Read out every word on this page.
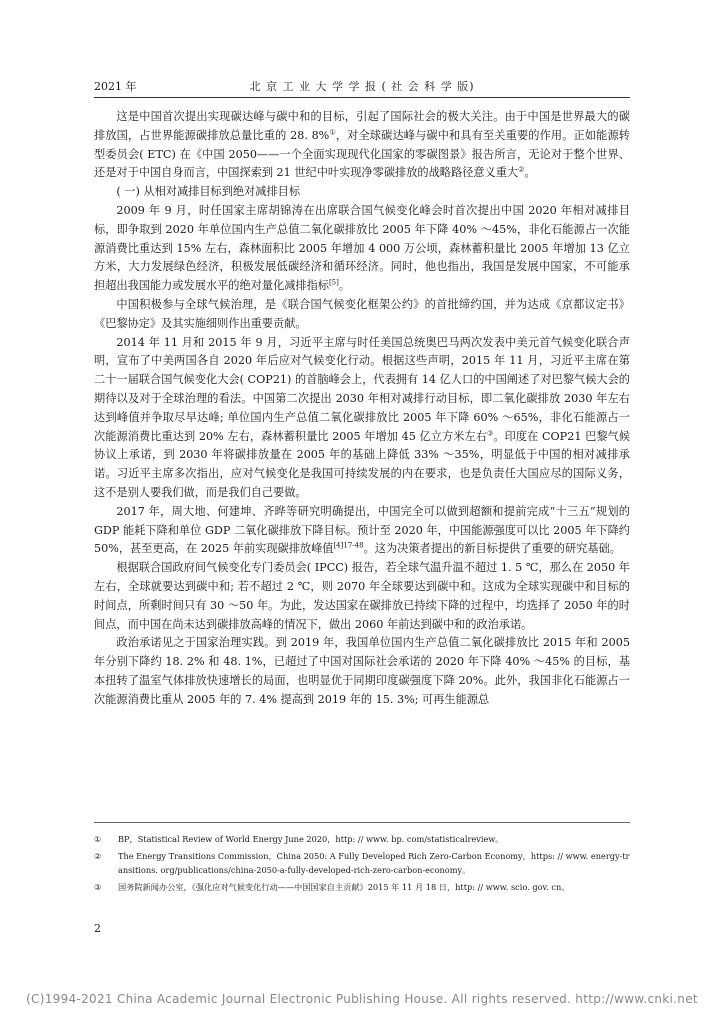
2021 年	北 京 工 业 大 学 学 报 ( 社 会 科 学 版)

这是中国首次提出实现碳达峰与碳中和的目标，引起了国际社会的极大关注。由于中国是世界最大的碳排放国，占世界能源碳排放总量比重的 28. 8%①，对全球碳达峰与碳中和具有至关重要的作用。正如能源转型委员会( ETC) 在《中国 2050——一个全面实现现代化国家的零碳图景》报告所言，无论对于整个世界、还是对于中国自身而言，中国探索到 21 世纪中叶实现净零碳排放的战略路径意义重大②。

( 一) 从相对减排目标到绝对减排目标

2009 年 9 月，时任国家主席胡锦涛在出席联合国气候变化峰会时首次提出中国 2020 年相对减排目标，即争取到 2020 年单位国内生产总值二氧化碳排放比 2005 年下降 40% ～45%，非化石能源占一次能源消费比重达到 15% 左右，森林面积比 2005 年增加 4 000 万公顷，森林蓄积量比 2005 年增加 13 亿立方米，大力发展绿色经济，积极发展低碳经济和循环经济。同时，他也指出，我国是发展中国家，不可能承担超出我国能力或发展水平的绝对量化减排指标[5]。

中国积极参与全球气候治理，是《联合国气候变化框架公约》的首批缔约国，并为达成《京都议定书》《巴黎协定》及其实施细则作出重要贡献。

2014 年 11 月和 2015 年 9 月，习近平主席与时任美国总统奥巴马两次发表中美元首气候变化联合声明，宣布了中美两国各自 2020 年后应对气候变化行动。根据这些声明，2015 年 11 月，习近平主席在第二十一届联合国气候变化大会( COP21) 的首脑峰会上，代表拥有 14 亿人口的中国阐述了对巴黎气候大会的期待以及对于全球治理的看法。中国第二次提出 2030 年相对减排行动目标，即二氧化碳排放 2030 年左右达到峰值并争取尽早达峰; 单位国内生产总值二氧化碳排放比 2005 年下降 60% ～65%，非化石能源占一次能源消费比重达到 20% 左右，森林蓄积量比 2005 年增加 45 亿立方米左右③。印度在 COP21 巴黎气候协议上承诺，到 2030 年将碳排放量在 2005 年的基础上降低 33% ～35%，明显低于中国的相对减排承诺。习近平主席多次指出，应对气候变化是我国可持续发展的内在要求，也是负责任大国应尽的国际义务，这不是别人要我们做，而是我们自己要做。

2017 年，周大地、何建坤、齐晔等研究明确提出，中国完全可以做到超额和提前完成“十三五”规划的 GDP 能耗下降和单位 GDP 二氧化碳排放下降目标。预计至 2020 年，中国能源强度可以比 2005 年下降约 50%，甚至更高，在 2025 年前实现碳排放峰值$^{[4]17-48}$。这为决策者提出的新目标提供了重要的研究基础。

根据联合国政府间气候变化专门委员会( IPCC) 报告，若全球气温升温不超过 1. 5 ℃，那么在 2050 年左右，全球就要达到碳中和; 若不超过 2 ℃，则 2070 年全球要达到碳中和。这成为全球实现碳中和目标的时间点，所剩时间只有 30 ～50 年。为此，发达国家在碳排放已持续下降的过程中，均选择了 2050 年的时间点，而中国在尚未达到碳排放高峰的情况下，做出 2060 年前达到碳中和的政治承诺。

政治承诺见之于国家治理实践。到 2019 年，我国单位国内生产总值二氧化碳排放比 2015 年和 2005 年分别下降约 18. 2% 和 48. 1%，已超过了中国对国际社会承诺的 2020 年下降 40% ～45% 的目标，基本扭转了温室气体排放快速增长的局面，也明显优于同期印度碳强度下降 20%。此外，我国非化石能源占一次能源消费比重从 2005 年的 7. 4% 提高到 2019 年的 15. 3%; 可再生能源总

① BP，Statistical Review of World Energy June 2020，http: // www. bp. com/statisticalreview。
② The Energy Transitions Commission，China 2050: A Fully Developed Rich Zero-Carbon Economy，https: // www. energy-transitions. org/publications/china-2050-a-fully-developed-rich-zero-carbon-economy。
③ 国务院新闻办公室，《强化应对气候变化行动——中国国家自主贡献》2015 年 11 月 18 日，http: // www. scio. gov. cn。
2
(C)1994-2021 China Academic Journal Electronic Publishing House. All rights reserved. http://www.cnki.net
